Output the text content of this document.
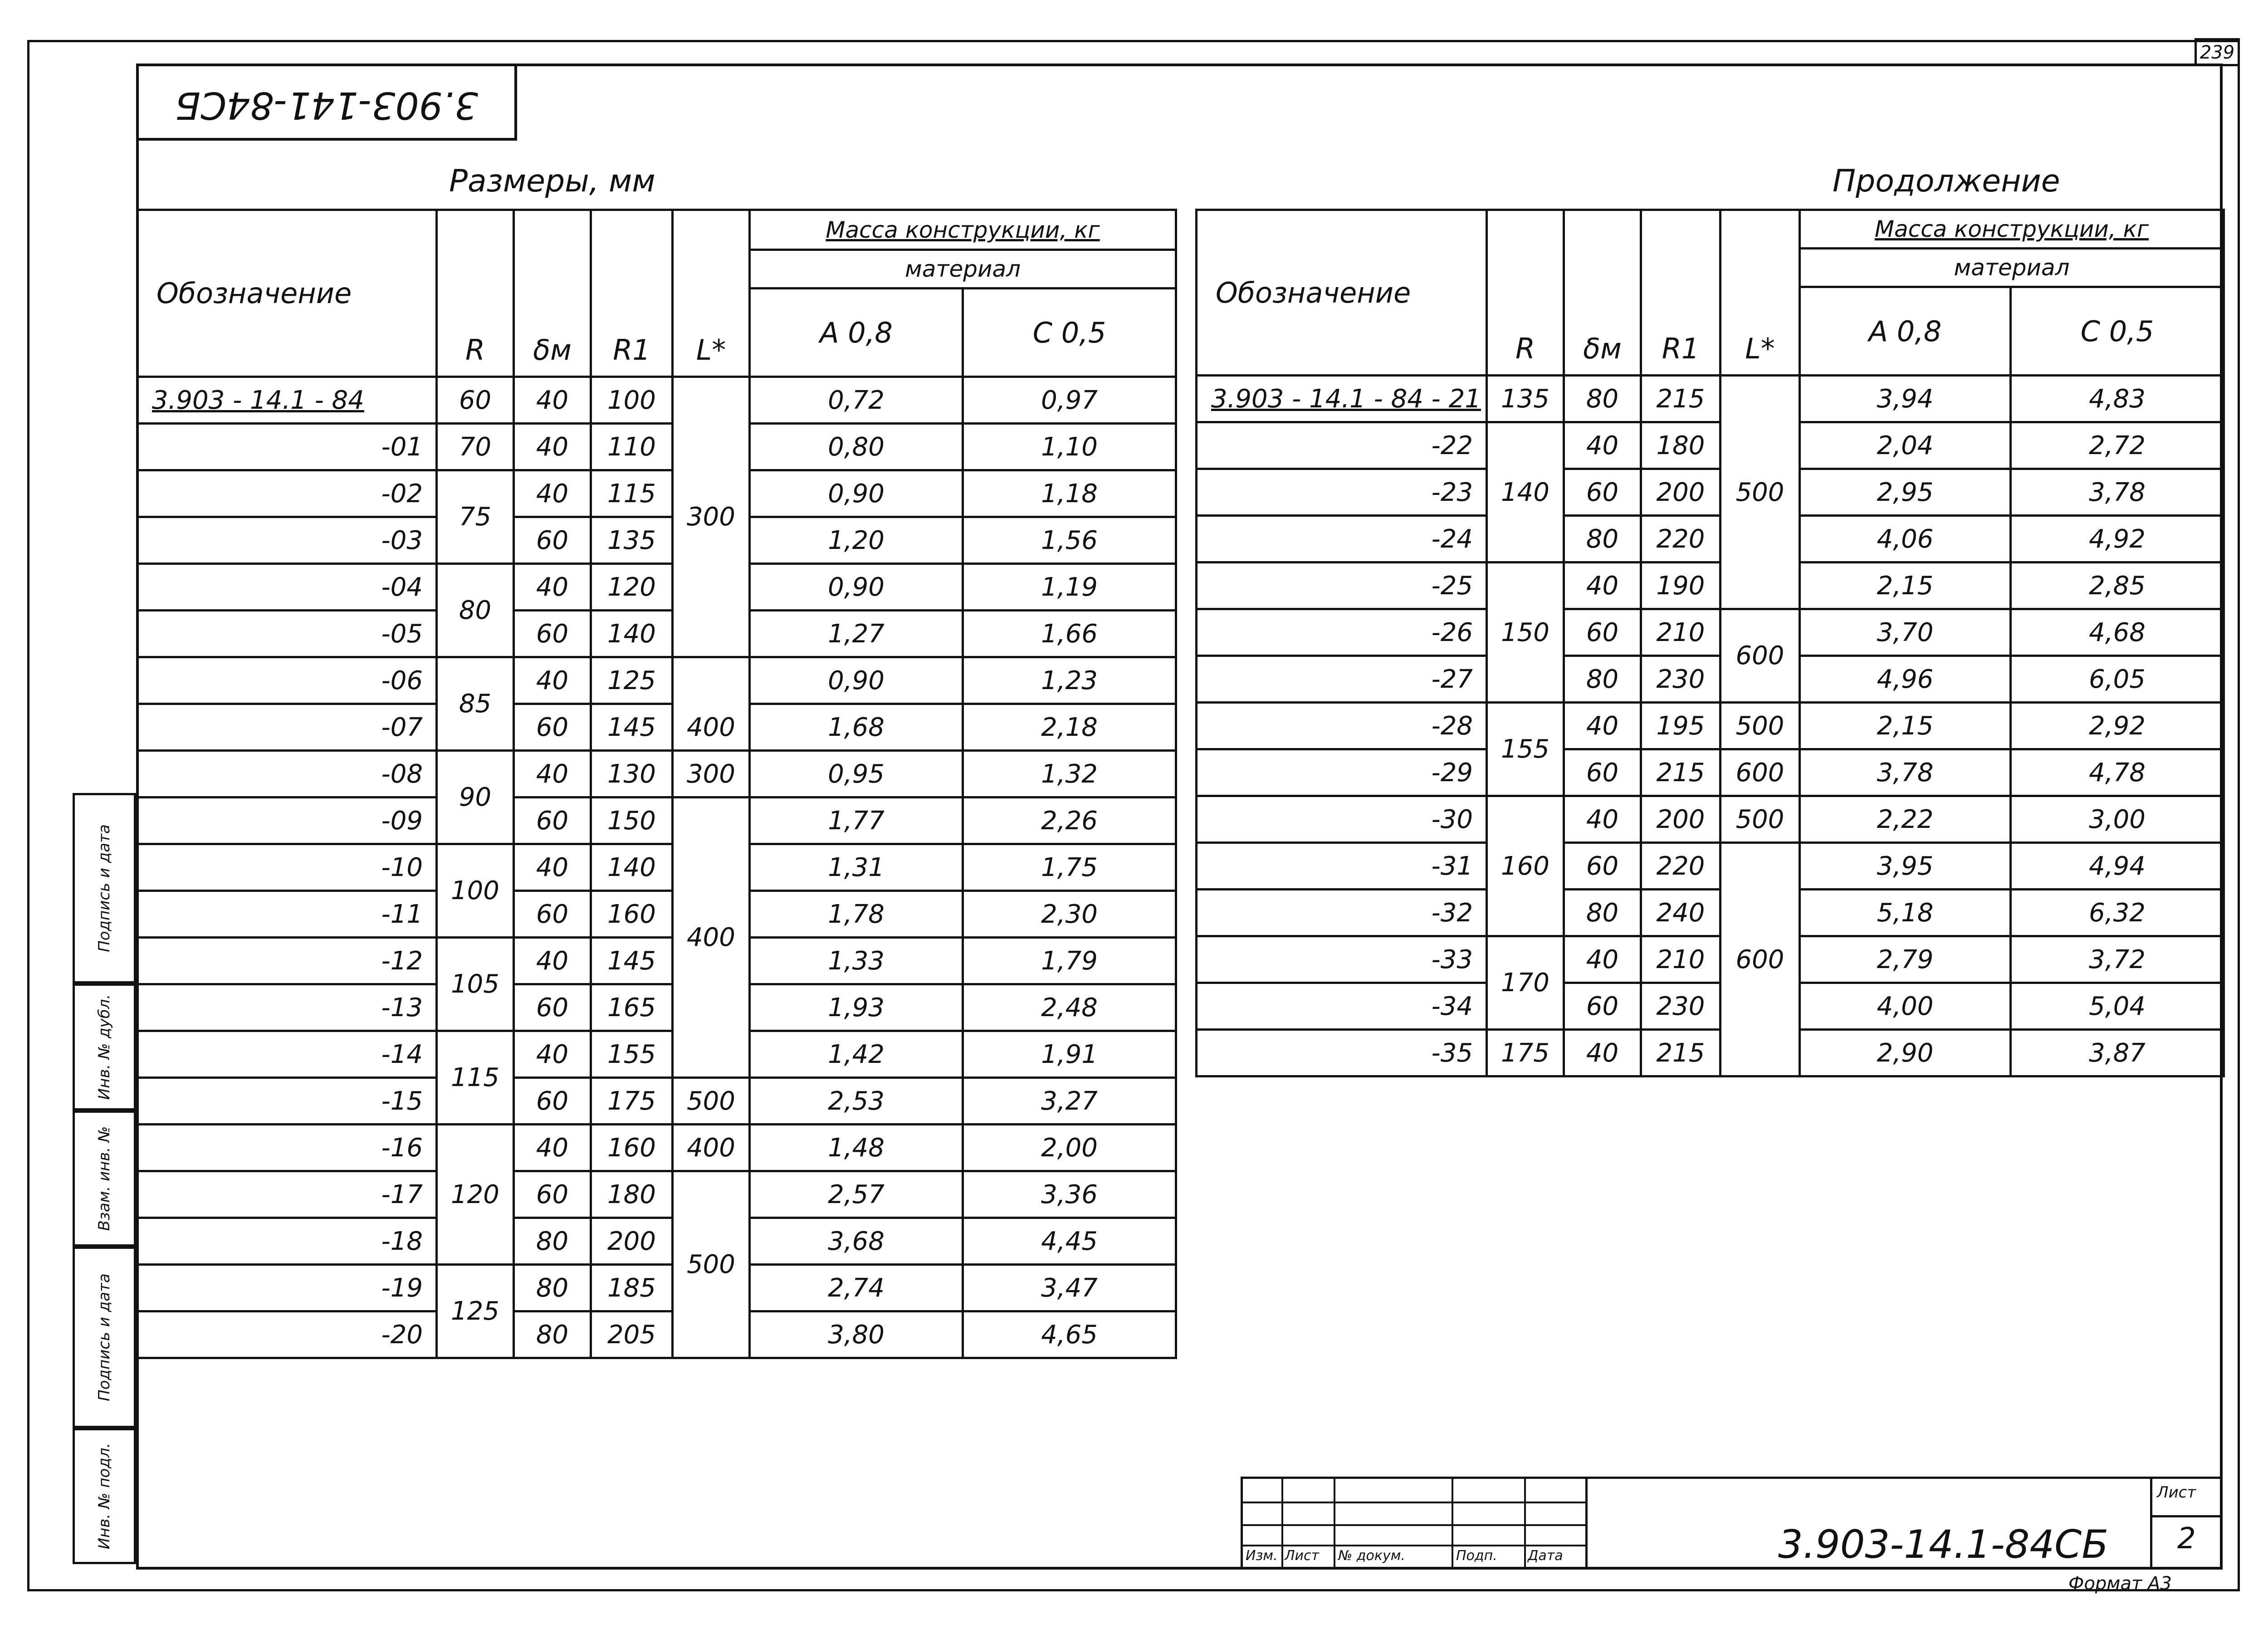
239
3.903-141-84СБ
Размеры, мм	Продолжение
Инв. № подл.
Подпись и дата
Взам. инв. №
Инв. № дубл.
Подпись и дата
Обозначение	R	δм	R1	L*	Масса конструкции, кг	
					материал	
					А 0,8	С 0,5
3.903 - 14.1 - 84	60	40	100	300	0,72	0,97
-01	70	40	110		0,80	1,10
-02	75	40	115		0,90	1,18
-03		60	135		1,20	1,56
-04	80	40	120		0,90	1,19
-05		60	140		1,27	1,66
-06	85	40	125		0,90	1,23
-07		60	145	400	1,68	2,18
-08	90	40	130	300	0,95	1,32
-09		60	150	400	1,77	2,26
-10	100	40	140		1,31	1,75
-11		60	160		1,78	2,30
-12	105	40	145		1,33	1,79
-13		60	165		1,93	2,48
-14	115	40	155		1,42	1,91
-15		60	175	500	2,53	3,27
-16	120	40	160	400	1,48	2,00
-17		60	180	500	2,57	3,36
-18		80	200		3,68	4,45
-19	125	80	185		2,74	3,47
-20		80	205		3,80	4,65
Обозначение	R	δм	R1	L*	Масса конструкции, кг	
					материал	
					А 0,8	С 0,5
3.903 - 14.1 - 84 - 21	135	80	215	500	3,94	4,83
-22	140	40	180		2,04	2,72
-23		60	200		2,95	3,78
-24		80	220		4,06	4,92
-25	150	40	190		2,15	2,85
-26		60	210	600	3,70	4,68
-27		80	230		4,96	6,05
-28	155	40	195	500	2,15	2,92
-29		60	215	600	3,78	4,78
-30	160	40	200	500	2,22	3,00
-31		60	220	600	3,95	4,94
-32		80	240		5,18	6,32
-33	170	40	210		2,79	3,72
-34		60	230		4,00	5,04
-35	175	40	215		2,90	3,87
Изм. Лист № докум.	Подп. Дата	3.903-14.1-84СБ
Лист
2
Формат А3
